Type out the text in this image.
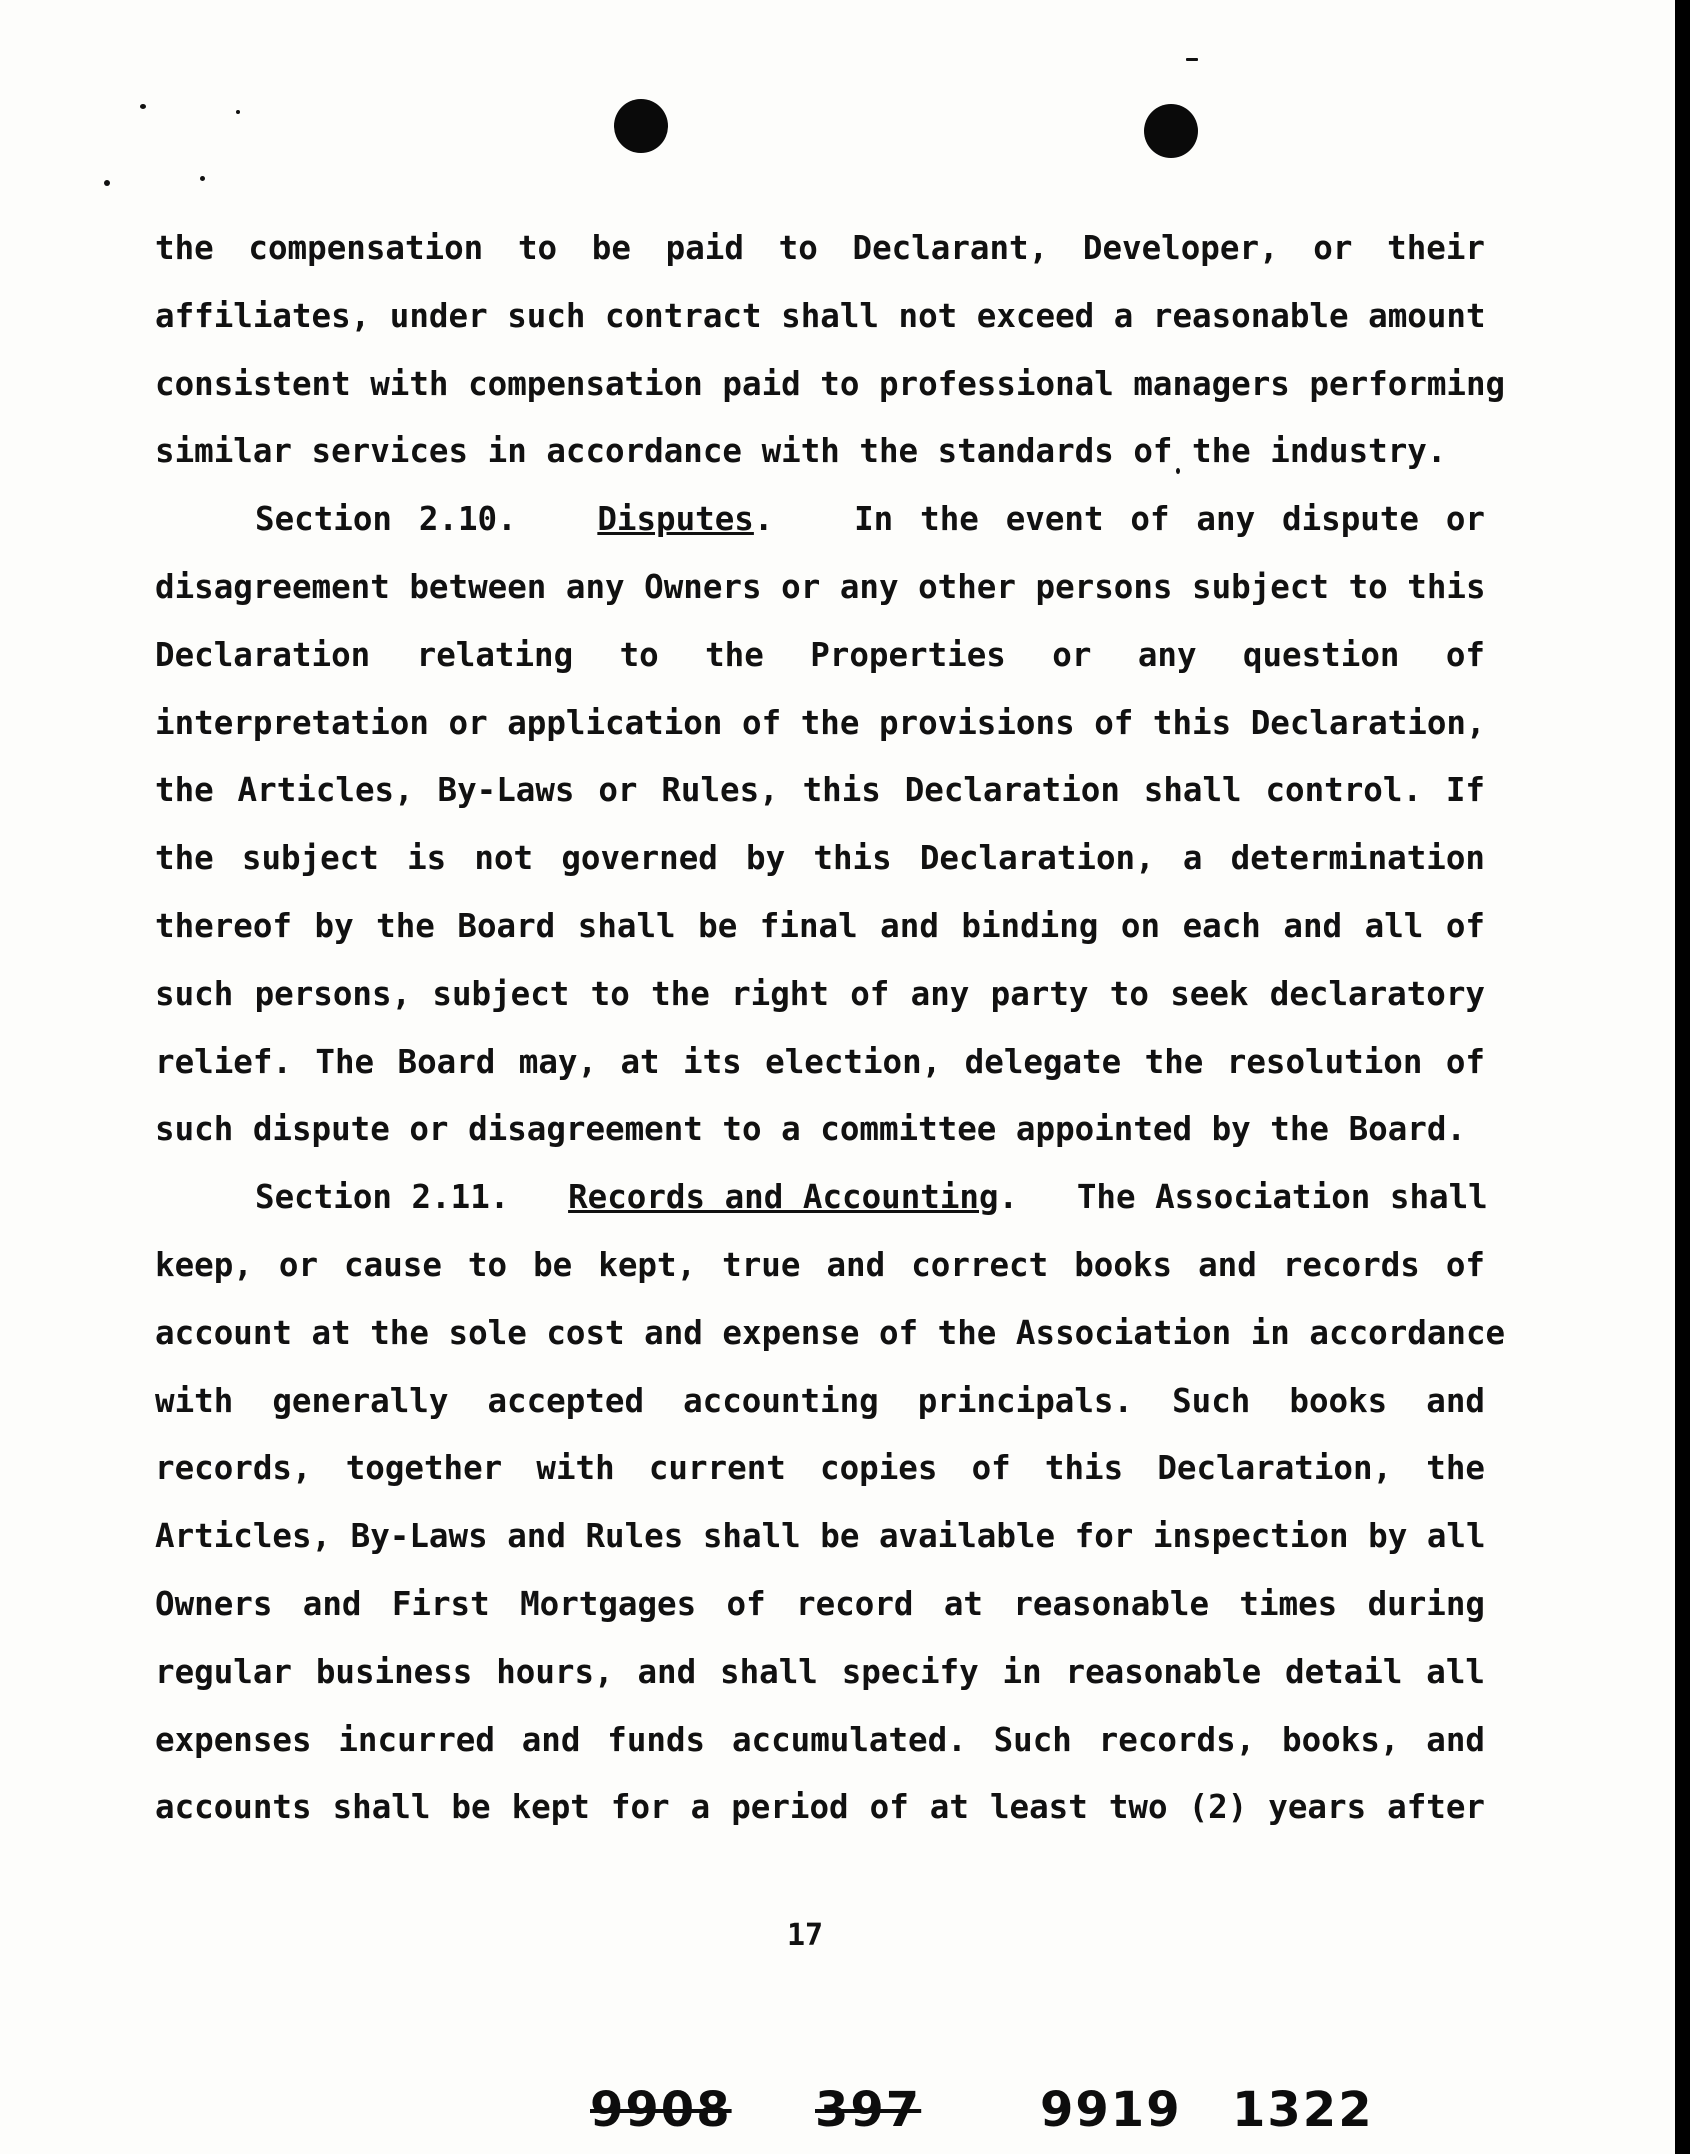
the compensation to be paid to Declarant, Developer, or their
affiliates, under such contract shall not exceed a reasonable amount
consistent with compensation paid to professional managers performing
similar services in accordance with the standards of the industry.
Section 2.10. Disputes.   In the event of any dispute or
disagreement between any Owners or any other persons subject to this
Declaration relating to the Properties or any question of
interpretation or application of the provisions of this Declaration,
the Articles, By-Laws or Rules, this Declaration shall control. If
the subject is not governed by this Declaration, a determination
thereof by the Board shall be final and binding on each and all of
such persons, subject to the right of any party to seek declaratory
relief. The Board may, at its election, delegate the resolution of
such dispute or disagreement to a committee appointed by the Board.
Section 2.11. Records and Accounting.   The Association shall
keep, or cause to be kept, true and correct books and records of
account at the sole cost and expense of the Association in accordance
with generally accepted accounting principals. Such books and
records, together with current copies of this Declaration, the
Articles, By-Laws and Rules shall be available for inspection by all
Owners and First Mortgages of record at reasonable times during
regular business hours, and shall specify in reasonable detail all
expenses incurred and funds accumulated. Such records, books, and
accounts shall be kept for a period of at least two (2) years after
17
9908 397 9919 1322
